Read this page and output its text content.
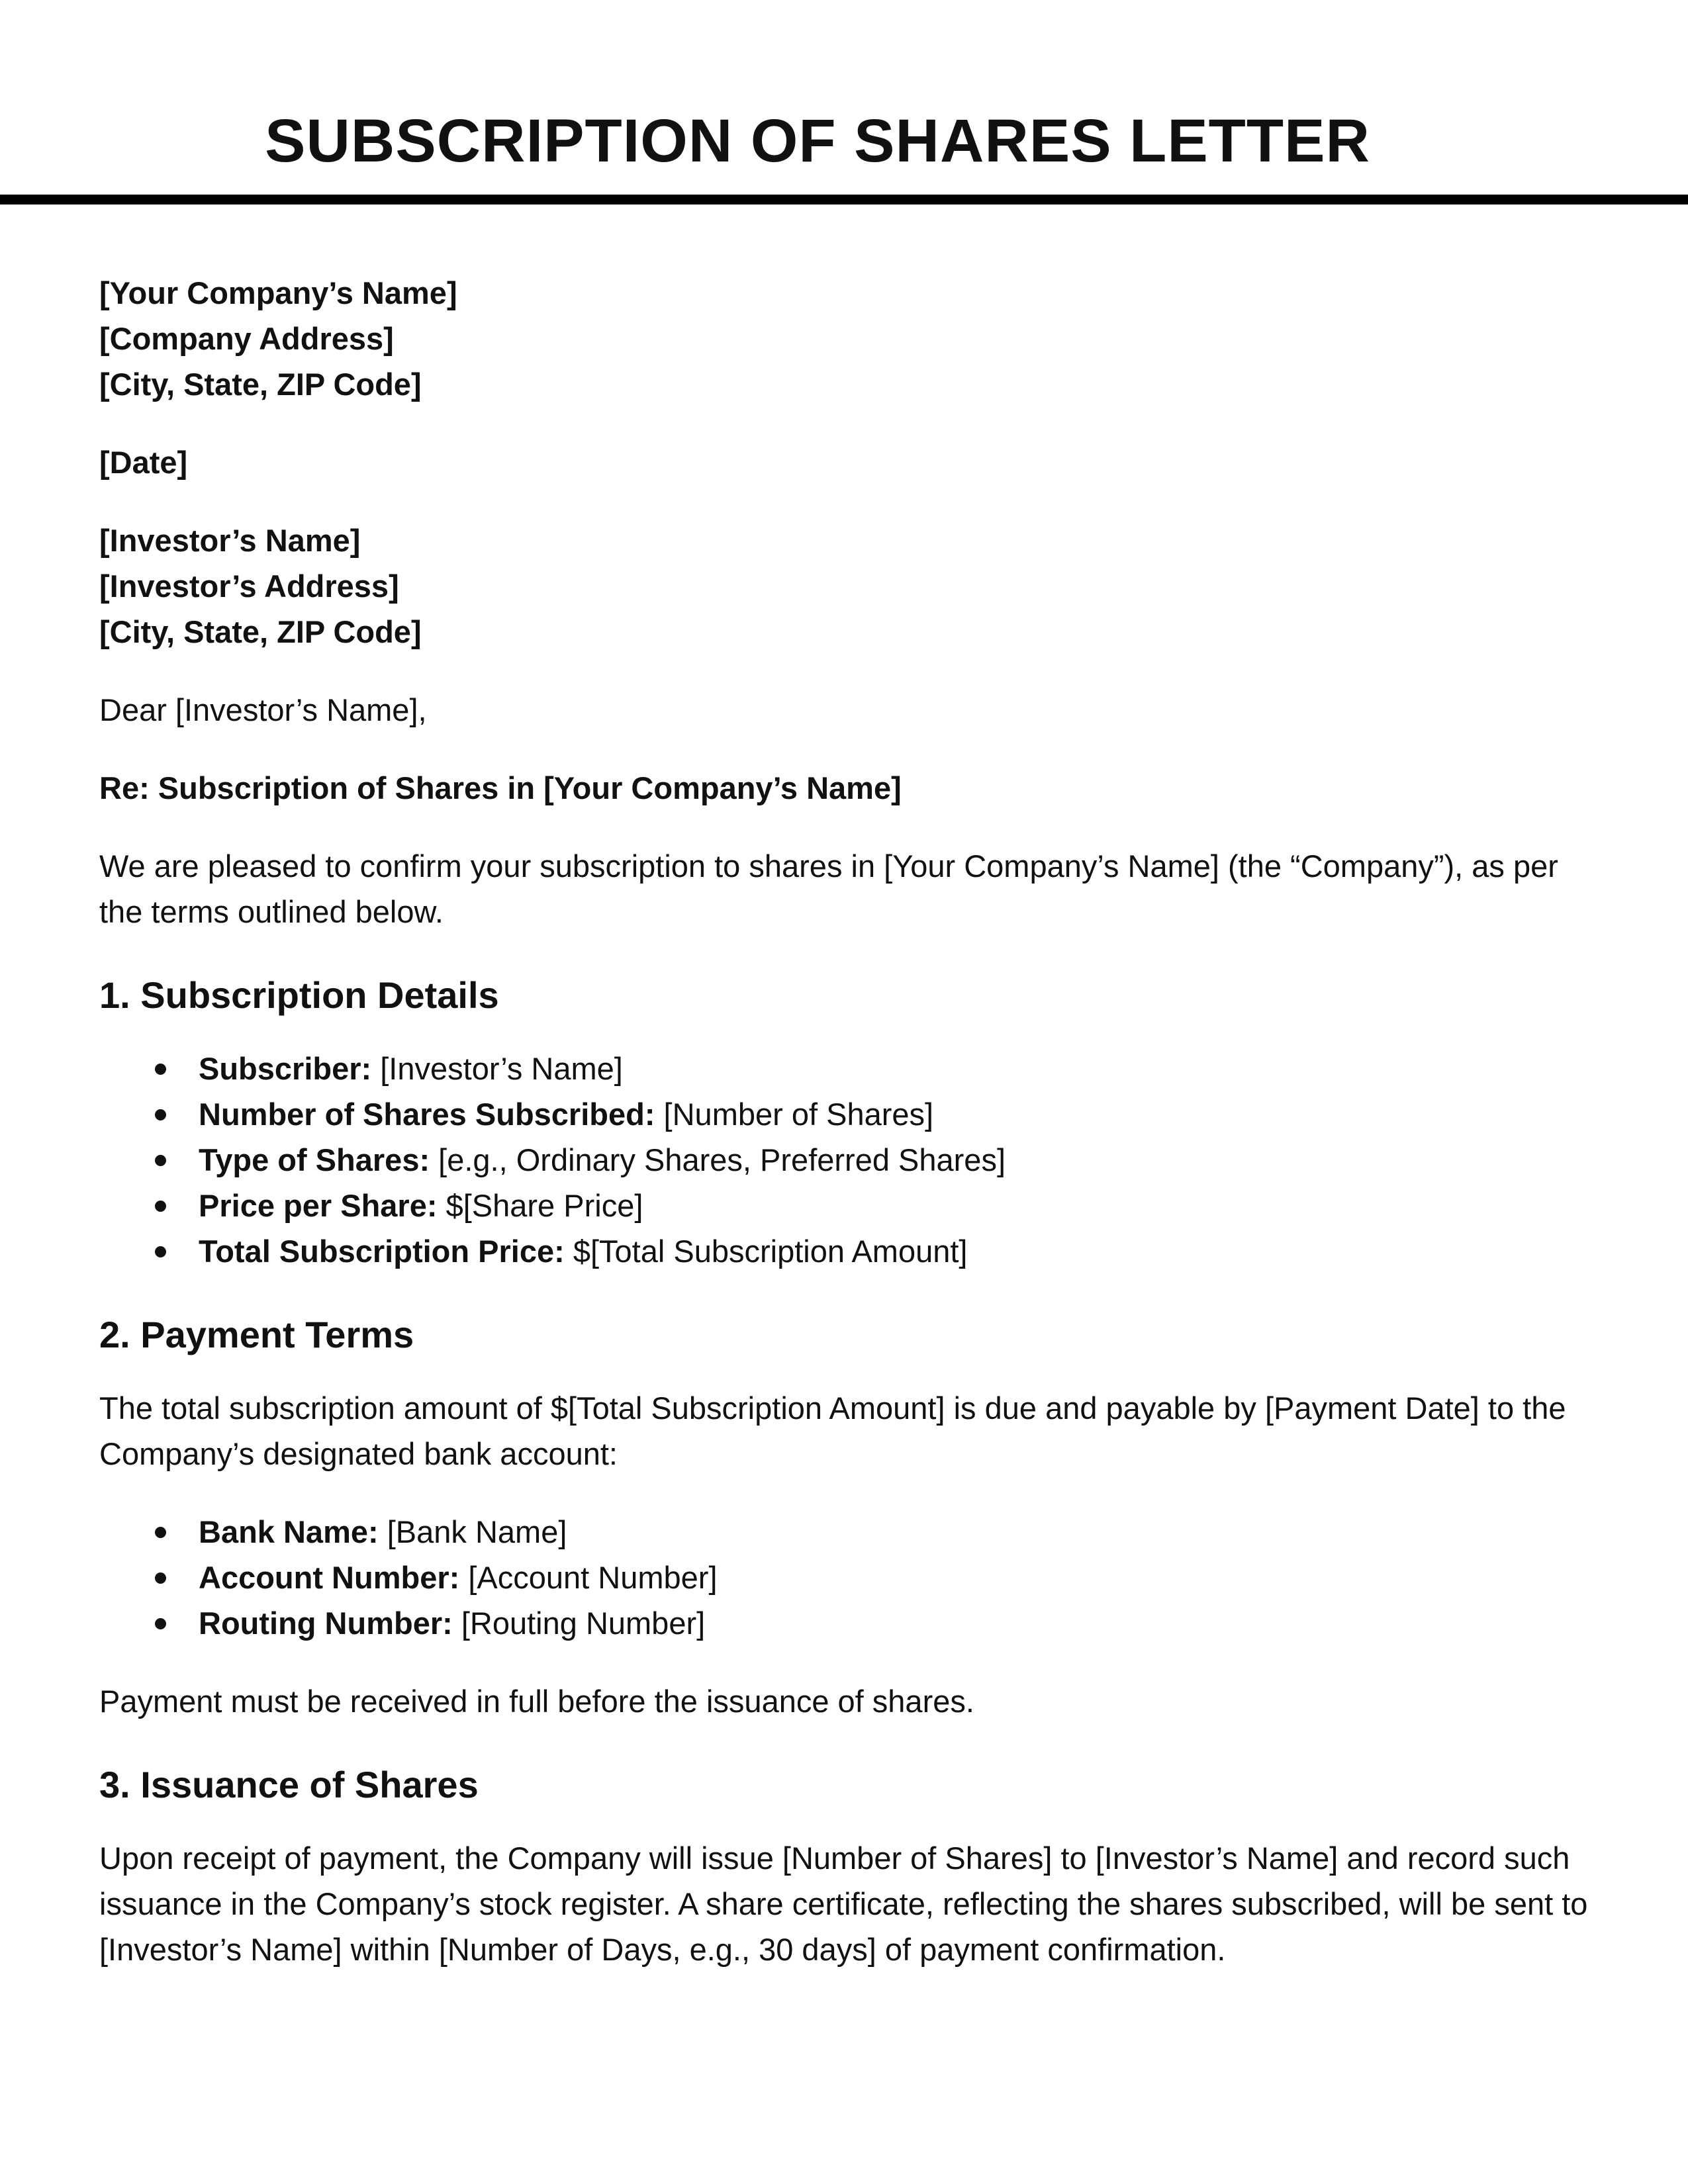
SUBSCRIPTION OF SHARES LETTER
[Your Company’s Name]
[Company Address]
[City, State, ZIP Code]
[Date]
[Investor’s Name]
[Investor’s Address]
[City, State, ZIP Code]

Dear [Investor’s Name],

Re: Subscription of Shares in [Your Company’s Name]

We are pleased to confirm your subscription to shares in [Your Company’s Name] (the “Company”), as per the terms outlined below.

1. Subscription Details
Subscriber: [Investor’s Name]
Number of Shares Subscribed: [Number of Shares]
Type of Shares: [e.g., Ordinary Shares, Preferred Shares]
Price per Share: $[Share Price]
Total Subscription Price: $[Total Subscription Amount]
2. Payment Terms

The total subscription amount of $[Total Subscription Amount] is due and payable by [Payment Date] to the Company’s designated bank account:

Bank Name: [Bank Name]
Account Number: [Account Number]
Routing Number: [Routing Number]

Payment must be received in full before the issuance of shares.

3. Issuance of Shares

Upon receipt of payment, the Company will issue [Number of Shares] to [Investor’s Name] and record such issuance in the Company’s stock register. A share certificate, reflecting the shares subscribed, will be sent to [Investor’s Name] within [Number of Days, e.g., 30 days] of payment confirmation.
